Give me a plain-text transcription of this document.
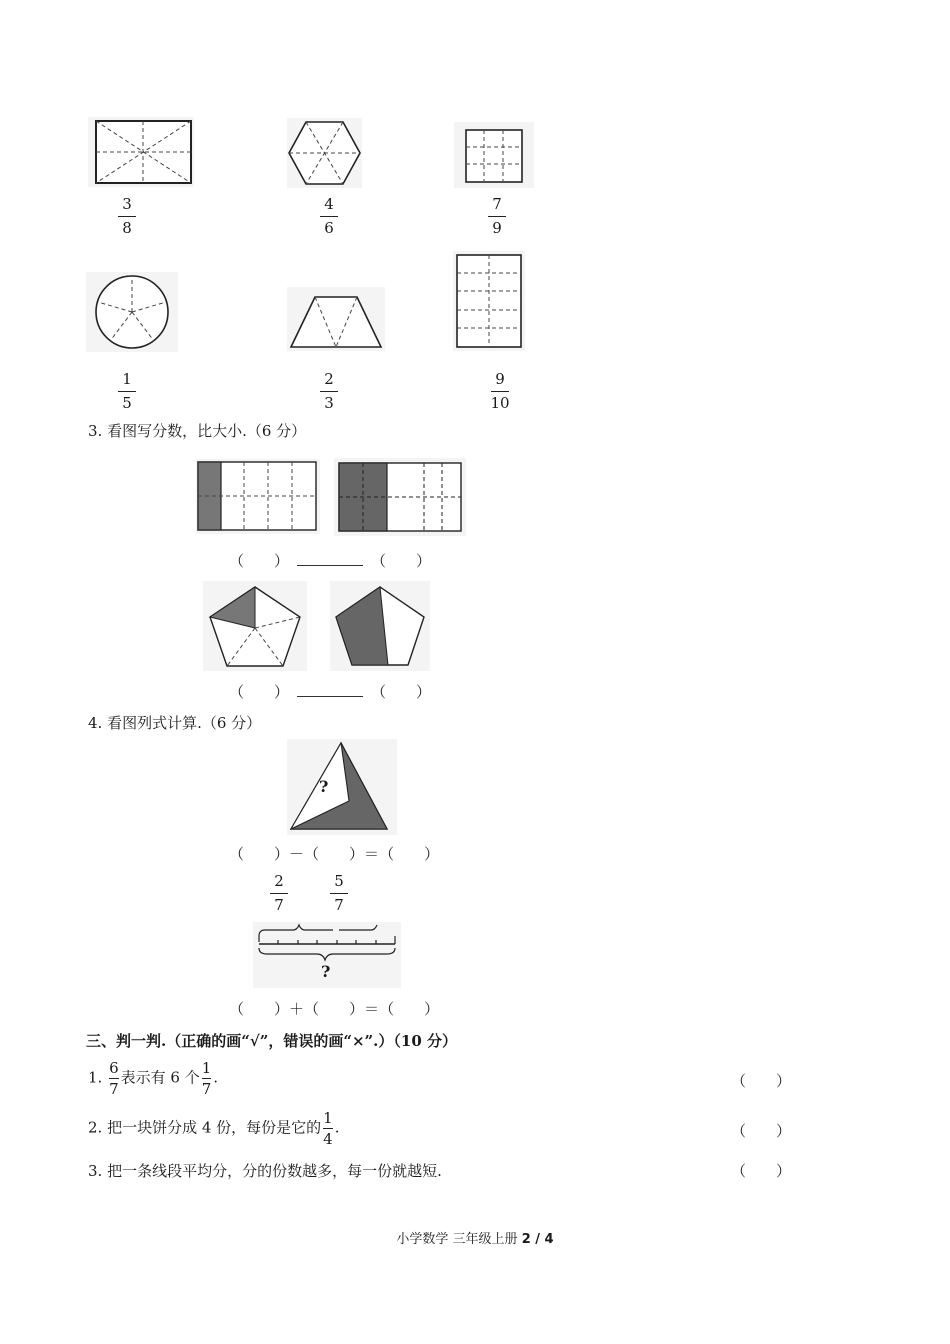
3
8
4
6
7
9
1
5
2
3
9
10
3. 看图写分数，比大小.（6 分）
（　　）	（　　）
（　　）	（　　）
4. 看图列式计算.（6 分）
?
（　　）－（　　）＝（　　）
2
7
5
7
?
（　　）＋（　　）＝（　　）
三、判一判.（正确的画“√”，错误的画“×”.）（10 分）
1. $\frac{6}{7}$ 表示有 6 个 $\frac{1}{7}$ .	（　　）
2. 把一块饼分成 4 份，每份是它的 $\frac{1}{4}$ .	（　　）
3. 把一条线段平均分，分的份数越多，每一份就越短.	（　　）
小学数学 三年级上册 2 / 4
